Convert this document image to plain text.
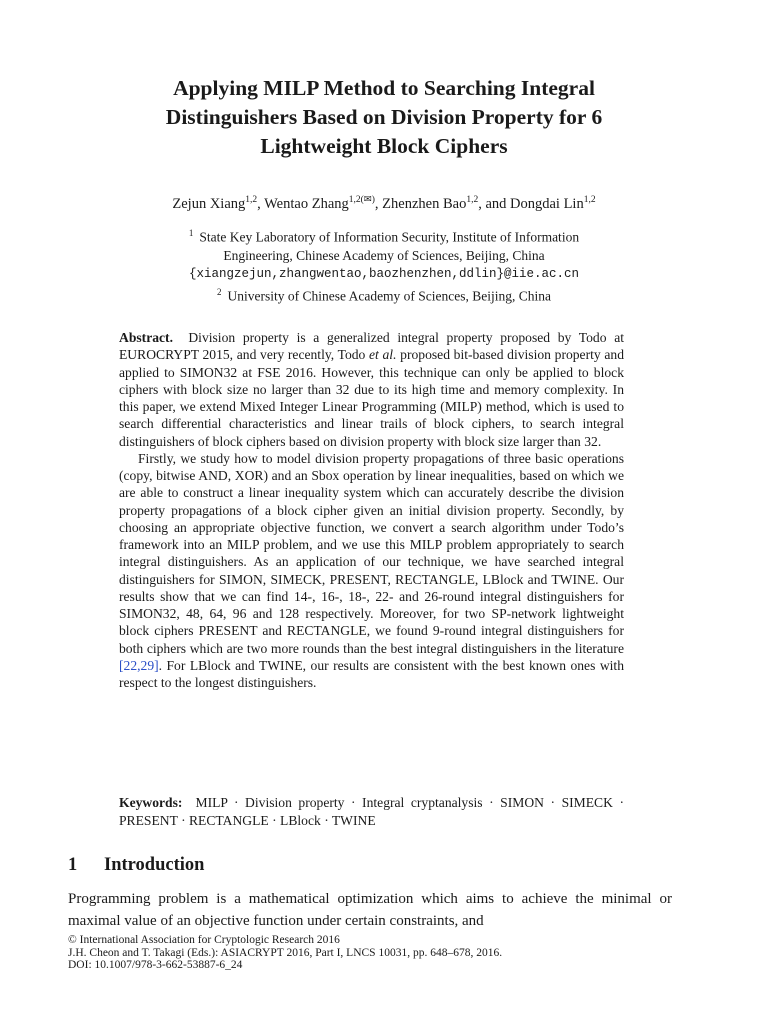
Applying MILP Method to Searching Integral
Distinguishers Based on Division Property for 6
Lightweight Block Ciphers
Zejun Xiang$^{1,2}$, Wentao Zhang$^{1,2(✉)}$, Zhenzhen Bao$^{1,2}$, and Dongdai Lin$^{1,2}$
$^1$ State Key Laboratory of Information Security, Institute of Information
Engineering, Chinese Academy of Sciences, Beijing, China
{xiangzejun,zhangwentao,baozhenzhen,ddlin}@iie.ac.cn
$^2$ University of Chinese Academy of Sciences, Beijing, China

Abstract. Division property is a generalized integral property proposed by Todo at EUROCRYPT 2015, and very recently, Todo et al. proposed bit-based division property and applied to SIMON32 at FSE 2016. However, this technique can only be applied to block ciphers with block size no larger than 32 due to its high time and memory complexity. In this paper, we extend Mixed Integer Linear Programming (MILP) method, which is used to search differential characteristics and linear trails of block ciphers, to search integral distinguishers of block ciphers based on division property with block size larger than 32.

Firstly, we study how to model division property propagations of three basic operations (copy, bitwise AND, XOR) and an Sbox operation by linear inequalities, based on which we are able to construct a linear inequality system which can accurately describe the division property propagations of a block cipher given an initial division property. Secondly, by choosing an appropriate objective function, we convert a search algorithm under Todo’s framework into an MILP problem, and we use this MILP problem appropriately to search integral distinguishers. As an application of our technique, we have searched integral distinguishers for SIMON, SIMECK, PRESENT, RECTANGLE, LBlock and TWINE. Our results show that we can find 14-, 16-, 18-, 22- and 26-round integral distinguishers for SIMON32, 48, 64, 96 and 128 respectively. Moreover, for two SP-network lightweight block ciphers PRESENT and RECTANGLE, we found 9-round integral distinguishers for both ciphers which are two more rounds than the best integral distinguishers in the literature [22,29]. For LBlock and TWINE, our results are consistent with the best known ones with respect to the longest distinguishers.

Keywords: MILP · Division property · Integral cryptanalysis · SIMON · SIMECK · PRESENT · RECTANGLE · LBlock · TWINE
1 Introduction

Programming problem is a mathematical optimization which aims to achieve the minimal or maximal value of an objective function under certain constraints, and

© International Association for Cryptologic Research 2016
J.H. Cheon and T. Takagi (Eds.): ASIACRYPT 2016, Part I, LNCS 10031, pp. 648–678, 2016.
DOI: 10.1007/978-3-662-53887-6_24
